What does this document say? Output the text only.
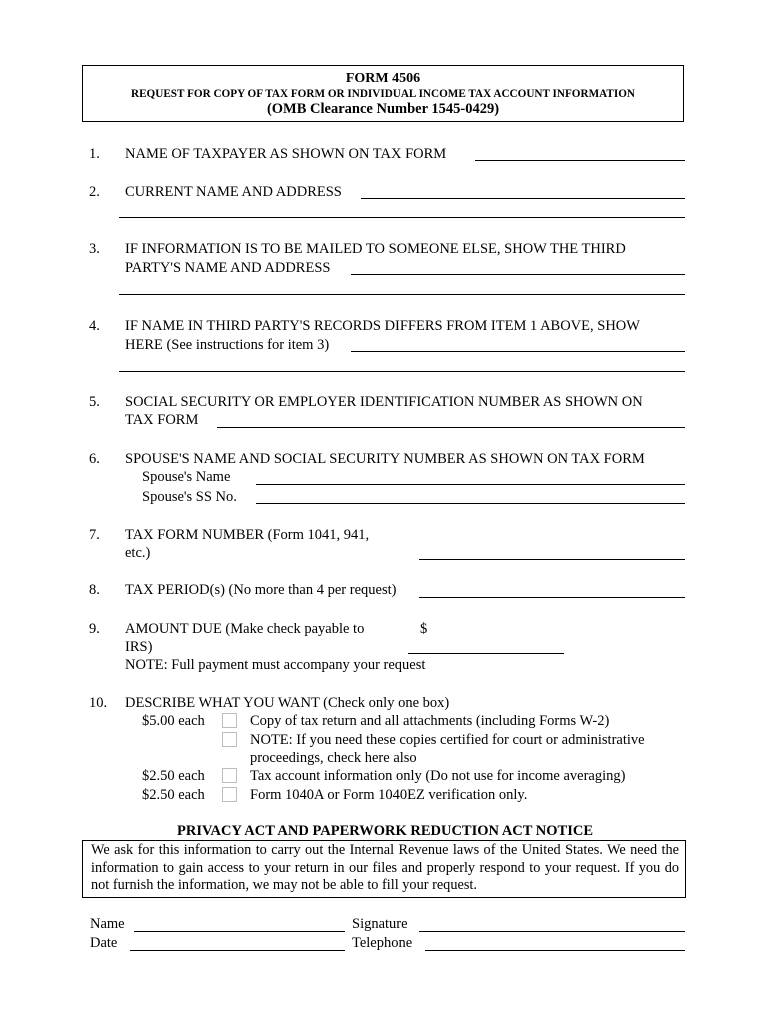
FORM 4506
REQUEST FOR COPY OF TAX FORM OR INDIVIDUAL INCOME TAX ACCOUNT INFORMATION
(OMB Clearance Number 1545-0429)
1. NAME OF TAXPAYER AS SHOWN ON TAX FORM
2. CURRENT NAME AND ADDRESS
3. IF INFORMATION IS TO BE MAILED TO SOMEONE ELSE, SHOW THE THIRD
PARTY'S NAME AND ADDRESS
4. IF NAME IN THIRD PARTY'S RECORDS DIFFERS FROM ITEM 1 ABOVE, SHOW
HERE (See instructions for item 3)
5. SOCIAL SECURITY OR EMPLOYER IDENTIFICATION NUMBER AS SHOWN ON
TAX FORM
6. SPOUSE'S NAME AND SOCIAL SECURITY NUMBER AS SHOWN ON TAX FORM
Spouse's Name
Spouse's SS No.
7. TAX FORM NUMBER (Form 1041, 941,
etc.)
8. TAX PERIOD(s) (No more than 4 per request)
9. AMOUNT DUE (Make check payable to
IRS)
$
NOTE: Full payment must accompany your request
10. DESCRIBE WHAT YOU WANT (Check only one box)
$5.00 each	Copy of tax return and all attachments (including Forms W-2)
NOTE: If you need these copies certified for court or administrative
proceedings, check here also
$2.50 each	Tax account information only (Do not use for income averaging)
$2.50 each	Form 1040A or Form 1040EZ verification only.
PRIVACY ACT AND PAPERWORK REDUCTION ACT NOTICE
We ask for this information to carry out the Internal Revenue laws of the United States. We need the information to gain access to your return in our files and properly respond to your request. If you do not furnish the information, we may not be able to fill your request.
Name	Signature
Date	Telephone
